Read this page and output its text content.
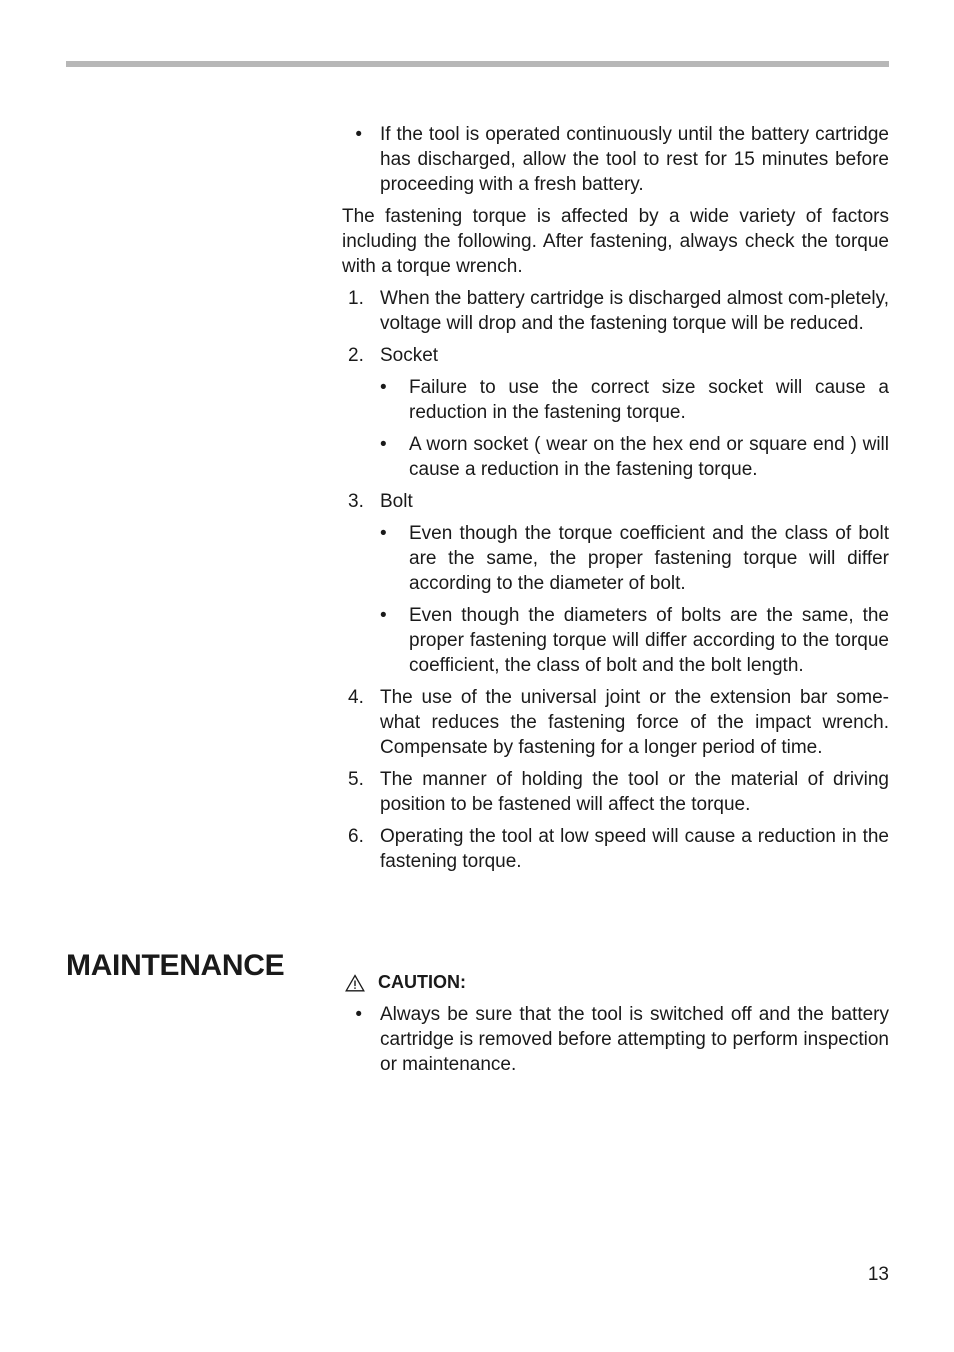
• If the tool is operated continuously until the battery cartridge has discharged, allow the tool to rest for 15 minutes before proceeding with a fresh battery.

The fastening torque is affected by a wide variety of factors including the following. After fastening, always check the torque with a torque wrench.

1. When the battery cartridge is discharged almost com-pletely, voltage will drop and the fastening torque will be reduced.
2. Socket
•	Failure to use the correct size socket will cause a reduction in the fastening torque.
•	A worn socket ( wear on the hex end or square end ) will cause a reduction in the fastening torque.
3. Bolt
•	Even though the torque coefficient and the class of bolt are the same, the proper fastening torque will differ according to the diameter of bolt.
•	Even though the diameters of bolts are the same, the proper fastening torque will differ according to the torque coefficient, the class of bolt and the bolt length.
4. The use of the universal joint or the extension bar some-what reduces the fastening force of the impact wrench. Compensate by fastening for a longer period of time.
5. The manner of holding the tool or the material of driving position to be fastened will affect the torque.
6. Operating the tool at low speed will cause a reduction in the fastening torque.
MAINTENANCE	CAUTION:
• Always be sure that the tool is switched off and the battery cartridge is removed before attempting to perform inspection or maintenance.
13
